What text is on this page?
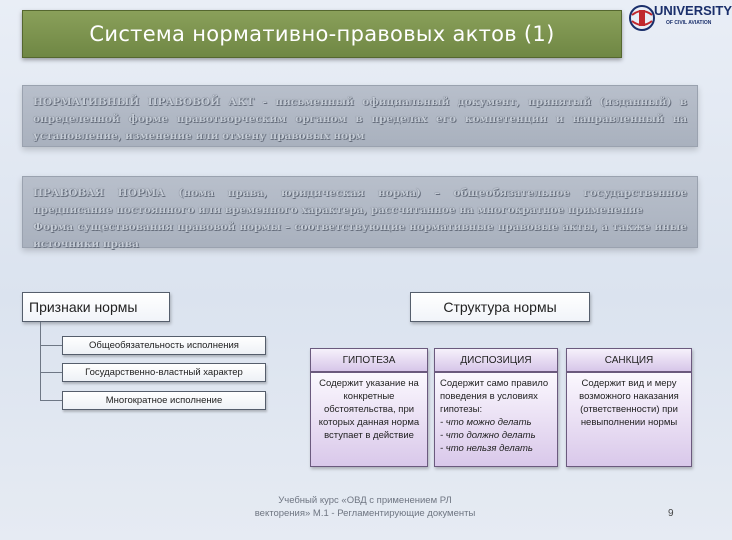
Система нормативно-правовых актов (1)
UNIVERSITY
OF CIVIL AVIATION
НОРМАТИВНЫЙ ПРАВОВОЙ АКТ - письменный официальный документ, принятый (изданный) в определенной форме правотворческим органом в пределах его компетенции и направленный на установление, изменение или отмену правовых норм
ПРАВОВАЯ НОРМА (нома права, юридическая норма) – общеобязательное государственное предписание постоянного или временного характера, рассчитанное на многократное применение
Форма существования правовой нормы – соответствующие нормативные правовые акты, а также иные источники права
Признаки нормы
Общеобязательность исполнения
Государственно-властный характер
Многократное исполнение
Структура нормы
ГИПОТЕЗА
Содержит указание на конкретные обстоятельства, при которых данная норма вступает в действие
ДИСПОЗИЦИЯ
Содержит само правило поведения в условиях гипотезы:
- что можно делать
- что должно делать
- что нельзя делать
САНКЦИЯ
Содержит вид и меру возможного наказания (ответственности) при невыполнении нормы
Учебный курс «ОВД с применением РЛ векторения» М.1 - Регламентирующие документы	9
